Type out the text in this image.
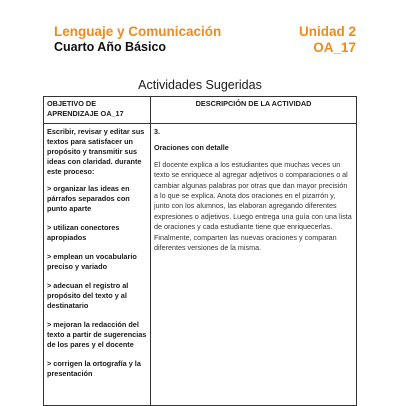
Lenguaje y Comunicación
Cuarto Año Básico
Unidad 2
OA_17
Actividades Sugeridas
OBJETIVO DE APRENDIZAJE OA_17
DESCRIPCIÓN DE LA ACTIVIDAD

Escribir, revisar y editar sus textos para satisfacer un propósito y transmitir sus ideas con claridad. durante este proceso:

> organizar las ideas en párrafos separados con punto aparte

> utilizan conectores apropiados

> emplean un vocabulario preciso y variado

> adecuan el registro al propósito del texto y al destinatario

> mejoran la redacción del texto a partir de sugerencias de los pares y el docente

> corrigen la ortografía y la presentación

3.

Oraciones con detalle

El docente explica a los estudiantes que muchas veces un texto se enriquece al agregar adjetivos o comparaciones o al cambiar algunas palabras por otras que dan mayor precisión a lo que se explica. Anota dos oraciones en el pizarrón y, junto con los alumnos, las elaboran agregando diferentes expresiones o adjetivos. Luego entrega una guía con una lista de oraciones y cada estudiante tiene que enriquecerlas. Finalmente, comparten las nuevas oraciones y comparan diferentes versiones de la misma.
